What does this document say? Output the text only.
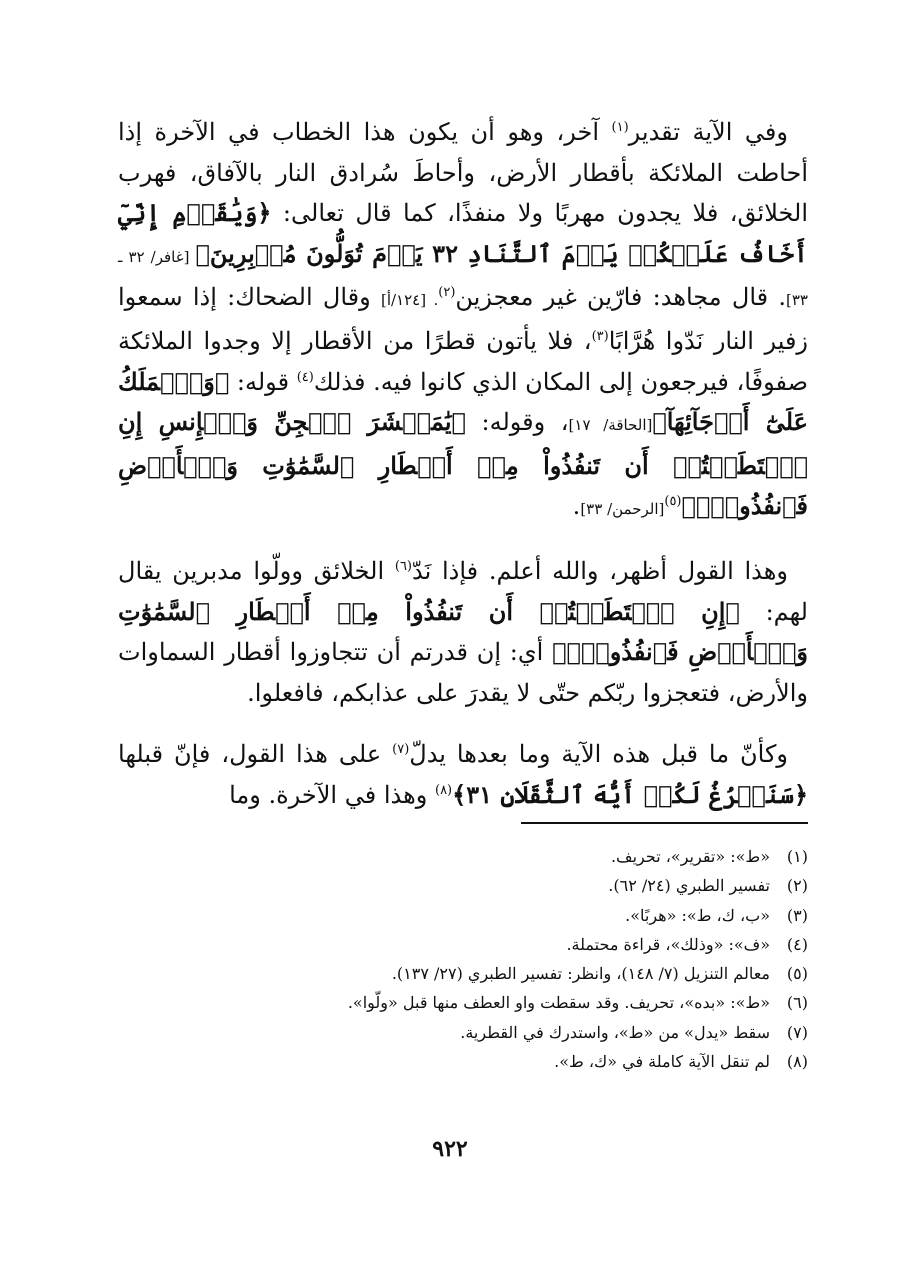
وفي الآية تقدير$^{(١)}$ آخر، وهو أن يكون هذا الخطاب في الآخرة إذا أحاطت الملائكة بأقطار الأرض، وأحاطَ سُرادق النار بالآفاق، فهرب الخلائق، فلا يجدون مهربًا ولا منفذًا، كما قال تعالى: ﴿وَيَٰقَوۡمِ إِنِّيٓ أَخَافُ عَلَيۡكُمۡ يَوۡمَ ٱلتَّنَادِ ٣٢ يَوۡمَ تُوَلُّونَ مُدۡبِرِينَ﴾ [غافر/ ٣٢ ـ ٣٣]. قال مجاهد: فارّين غير معجزين$^{(٢)}$. [١٢٤/أ] وقال الضحاك: إذا سمعوا زفير النار نَدّوا هُرَّابًا$^{(٣)}$، فلا يأتون قطرًا من الأقطار إلا وجدوا الملائكة صفوفًا، فيرجعون إلى المكان الذي كانوا فيه. فذلك$^{(٤)}$ قوله: ﴿وَٱلۡمَلَكُ عَلَىٰٓ أَرۡجَآئِهَآ﴾[الحاقة/ ١٧]، وقوله: ﴿يَٰمَعۡشَرَ ٱلۡجِنِّ وَٱلۡإِنسِ إِنِ ٱسۡتَطَعۡتُمۡ أَن تَنفُذُواْ مِنۡ أَقۡطَارِ ٱلسَّمَٰوَٰتِ وَٱلۡأَرۡضِ فَٱنفُذُواْۚ﴾$^{(٥)}$[الرحمن/ ٣٣].

وهذا القول أظهر، والله أعلم. فإذا نَدّ$^{(٦)}$ الخلائق وولّوا مدبرين يقال لهم: ﴿إِنِ ٱسۡتَطَعۡتُمۡ أَن تَنفُذُواْ مِنۡ أَقۡطَارِ ٱلسَّمَٰوَٰتِ وَٱلۡأَرۡضِ فَٱنفُذُواْۚ﴾ أي: إن قدرتم أن تتجاوزوا أقطار السماوات والأرض، فتعجزوا ربّكم حتّى لا يقدرَ على عذابكم، فافعلوا.

وكأنّ ما قبل هذه الآية وما بعدها يدلّ$^{(٧)}$ على هذا القول، فإنّ قبلها ﴿سَنَفۡرُغُ لَكُمۡ أَيُّهَ ٱلثَّقَلَانِ ٣١﴾$^{(٨)}$ وهذا في الآخرة. وما

(١)«ط»: «تقرير»، تحريف.
(٢)تفسير الطبري (٢٤/ ٦٢).
(٣)«ب، ك، ط»: «هربًا».
(٤)«ف»: «وذلك»، قراءة محتملة.
(٥)معالم التنزيل (٧/ ١٤٨)، وانظر: تفسير الطبري (٢٧/ ١٣٧).
(٦)«ط»: «بده»، تحريف. وقد سقطت واو العطف منها قبل «ولّوا».
(٧)سقط «يدل» من «ط»، واستدرك في القطرية.
(٨)لم تنقل الآية كاملة في «ك، ط».
٩٢٢
